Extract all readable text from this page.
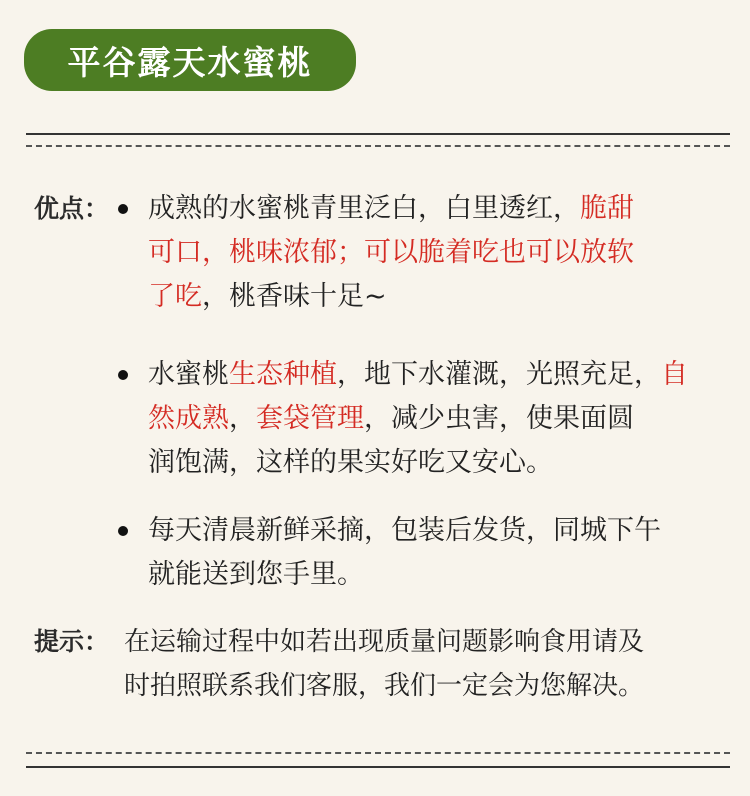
平谷露天水蜜桃
优点： 成熟的水蜜桃青里泛白，白里透红，脆甜
可口，桃味浓郁；可以脆着吃也可以放软
了吃，桃香味十足~
水蜜桃生态种植，地下水灌溉，光照充足，自
然成熟，套袋管理，减少虫害，使果面圆
润饱满，这样的果实好吃又安心。
每天清晨新鲜采摘，包装后发货，同城下午
就能送到您手里。
提示： 在运输过程中如若出现质量问题影响食用请及
时拍照联系我们客服，我们一定会为您解决。
